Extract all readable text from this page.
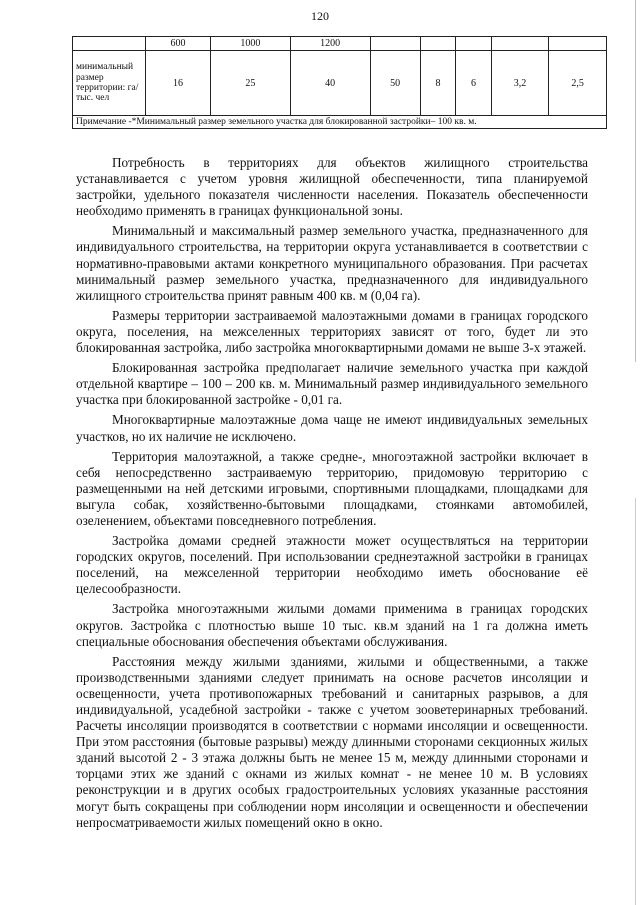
120
	600	1000	1200					
минимальный размер территории: га/тыс. чел	16	25	40	50	8	6	3,2	2,5
Примечание -*Минимальный размер земельного участка для блокированной застройки– 100 кв. м.								

Потребность в территориях для объектов жилищного строительства устанавливается с учетом уровня жилищной обеспеченности, типа планируемой застройки, удельного показателя численности населения. Показатель обеспеченности необходимо применять в границах функциональной зоны.

Минимальный и максимальный размер земельного участка, предназначенного для индивидуального строительства, на территории округа устанавливается в соответствии с нормативно-правовыми актами конкретного муниципального образования. При расчетах минимальный размер земельного участка, предназначенного для индивидуального жилищного строительства принят равным 400 кв. м (0,04 га).

Размеры территории застраиваемой малоэтажными домами в границах городского округа, поселения, на межселенных территориях зависят от того, будет ли это блокированная застройка, либо застройка многоквартирными домами не выше 3-х этажей.

Блокированная застройка предполагает наличие земельного участка при каждой отдельной квартире – 100 – 200 кв. м. Минимальный размер индивидуального земельного участка при блокированной застройке - 0,01 га.

Многоквартирные малоэтажные дома чаще не имеют индивидуальных земельных участков, но их наличие не исключено.

Территория малоэтажной, а также средне-, многоэтажной застройки включает в себя непосредственно застраиваемую территорию, придомовую территорию с размещенными на ней детскими игровыми, спортивными площадками, площадками для выгула собак, хозяйственно-бытовыми площадками, стоянками автомобилей, озеленением, объектами повседневного потребления.

Застройка домами средней этажности может осуществляться на территории городских округов, поселений. При использовании среднеэтажной застройки в границах поселений, на межселенной территории необходимо иметь обоснование её целесообразности.

Застройка многоэтажными жилыми домами применима в границах городских округов. Застройка с плотностью выше 10 тыс. кв.м зданий на 1 га должна иметь специальные обоснования обеспечения объектами обслуживания.

Расстояния между жилыми зданиями, жилыми и общественными, а также производственными зданиями следует принимать на основе расчетов инсоляции и освещенности, учета противопожарных требований и санитарных разрывов, а для индивидуальной, усадебной застройки - также с учетом зооветеринарных требований. Расчеты инсоляции производятся в соответствии с нормами инсоляции и освещенности. При этом расстояния (бытовые разрывы) между длинными сторонами секционных жилых зданий высотой 2 - 3 этажа должны быть не менее 15 м, между длинными сторонами и торцами этих же зданий с окнами из жилых комнат - не менее 10 м. В условиях реконструкции и в других особых градостроительных условиях указанные расстояния могут быть сокращены при соблюдении норм инсоляции и освещенности и обеспечении непросматриваемости жилых помещений окно в окно.
